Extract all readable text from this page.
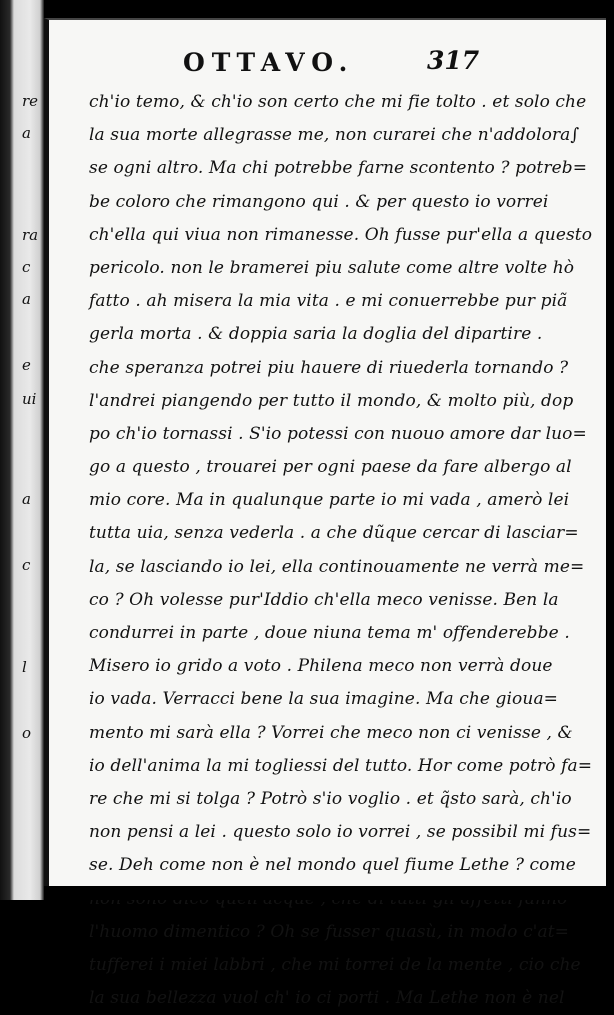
re
a
ra
c
a
e
ui
a
c
l
o
OTTAVO.	317
ch'io temo, & ch'io son certo che mi fie tolto . et solo che
la sua morte allegrasse me, non curarei che n'addolora∫
se ogni altro. Ma chi potrebbe farne scontento ? potreb=
be coloro che rimangono qui . & per questo io vorrei
ch'ella qui viua non rimanesse. Oh fusse pur'ella a questo
pericolo. non le bramerei piu salute come altre volte hò
fatto . ah misera la mia vita . e mi conuerrebbe pur piã
gerla morta . & doppia saria la doglia del dipartire .
che speranza potrei piu hauere di riuederla tornando ?
l'andrei piangendo per tutto il mondo, & molto più, dop
po ch'io tornassi . S'io potessi con nuouo amore dar luo=
go a questo , trouarei per ogni paese da fare albergo al
mio core. Ma in qualunque parte io mi vada , amerò lei
tutta uia, senza vederla . a che dũque cercar di lasciar=
la, se lasciando io lei, ella continouamente ne verrà me=
co ? Oh volesse pur'Iddio ch'ella meco venisse. Ben la
condurrei in parte , doue niuna tema m' offenderebbe .
Misero io grido a voto . Philena meco non verrà doue
io vada. Verracci bene la sua imagine. Ma che gioua=
mento mi sarà ella ? Vorrei che meco non ci venisse , &
io dell'anima la mi togliessi del tutto. Hor come potrò fa=
re che mi si tolga ? Potrò s'io voglio . et q̃sto sarà, ch'io
non pensi a lei . questo solo io vorrei , se possibil mi fus=
se. Deh come non è nel mondo quel fiume Lethe ? come
l'huomo dimentico ? Oh se fusser quasù, in modo c'at=
tufferei i miei labbri , che mi torrei de la mente , cio che
la sua bellezza vuol ch' io ci porti . Ma Lethe non è nel
